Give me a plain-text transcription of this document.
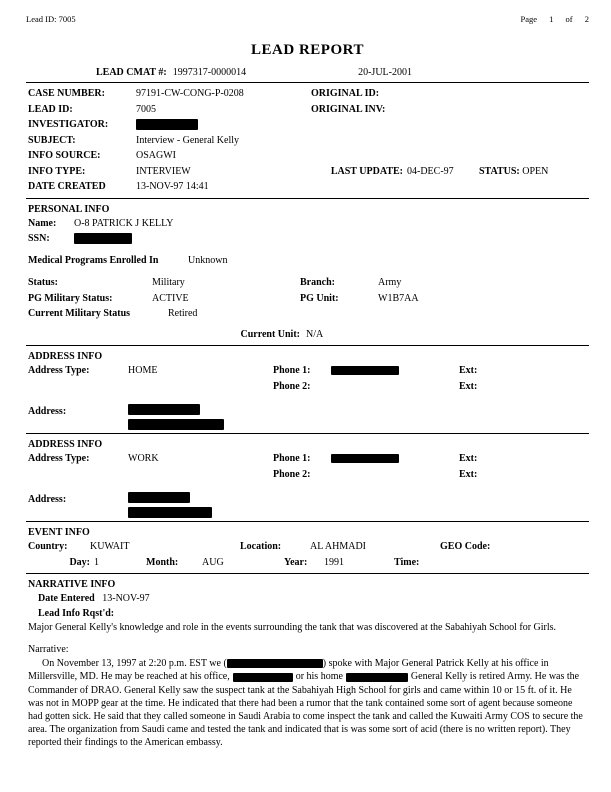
Lead ID: 7005	Page 1 of 2
LEAD REPORT
LEAD CMAT #: 1997317-0000014	20-JUL-2001
CASE NUMBER:	97191-CW-CONG-P-0208	ORIGINAL ID:
LEAD ID:	7005	ORIGINAL INV:
INVESTIGATOR:
SUBJECT:	Interview - General Kelly
INFO SOURCE:	OSAGWI
INFO TYPE:	INTERVIEW	LAST UPDATE: 04-DEC-97	STATUS: OPEN
DATE CREATED	13-NOV-97 14:41
PERSONAL INFO
Name:	O-8 PATRICK J KELLY
SSN:
Medical Programs Enrolled In	Unknown
Status:	Military	Branch:	Army
PG Military Status:	ACTIVE	PG Unit:	W1B7AA
Current Military Status	Retired
Current Unit: N/A
ADDRESS INFO
Address Type:	HOME	Phone 1:	Ext:
Phone 2:	Ext:
Address:
ADDRESS INFO
Address Type:	WORK	Phone 1:	Ext:
Phone 2:	Ext:
Address:
EVENT INFO
Country:	KUWAIT	Location:	AL AHMADI	GEO Code:
Day: 1	Month:	AUG	Year:	1991	Time:
NARRATIVE INFO
Date Entered 13-NOV-97
Lead Info Rqst'd:
Major General Kelly's knowledge and role in the events surrounding the tank that was discovered at the Sabahiyah School for Girls.
Narrative:

On November 13, 1997 at 2:20 p.m. EST we (	) spoke with Major General Patrick Kelly at his office in Millersville, MD. He may be reached at his office,	or his home	General Kelly is retired Army. He was the Commander of DRAO. General Kelly saw the suspect tank at the Sabahiyah High School for girls and came within 10 or 15 ft. of it. He was not in MOPP gear at the time. He indicated that there had been a rumor that the tank contained some sort of agent because someone had gotten sick. He said that they called someone in Saudi Arabia to come inspect the tank and called the Kuwaiti Army COS to secure the area. The organization from Saudi came and tested the tank and indicated that is was some sort of acid (there is no written report). They reported their findings to the American embassy.
